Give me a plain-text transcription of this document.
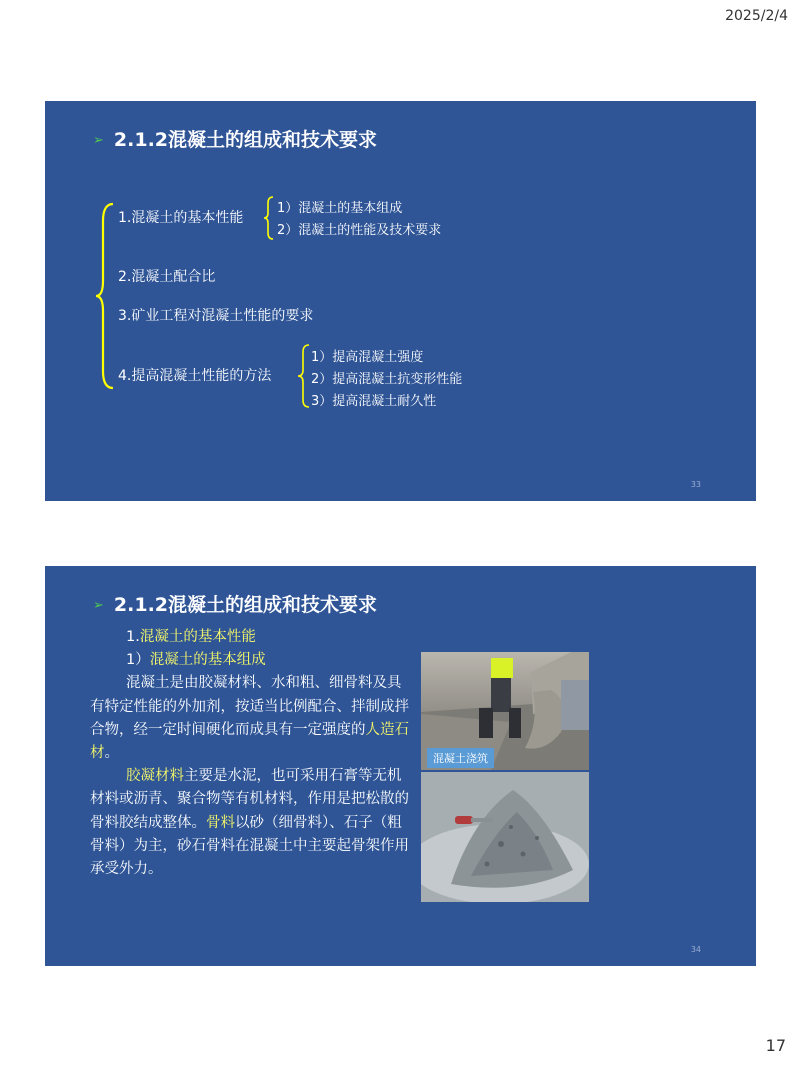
2025/2/4
➢ 2.1.2混凝土的组成和技术要求
1.混凝土的基本性能
1）混凝土的基本组成
2）混凝土的性能及技术要求
2.混凝土配合比
3.矿业工程对混凝土性能的要求
4.提高混凝土性能的方法
1）提高混凝土强度
2）提高混凝土抗变形性能
3）提高混凝土耐久性
33
➢ 2.1.2混凝土的组成和技术要求

1.混凝土的基本性能

1）混凝土的基本组成

混凝土是由胶凝材料、水和粗、细骨料及具有特定性能的外加剂，按适当比例配合、拌制成拌合物，经一定时间硬化而成具有一定强度的人造石材。

胶凝材料主要是水泥，也可采用石膏等无机材料或沥青、聚合物等有机材料，作用是把松散的骨料胶结成整体。骨料以砂（细骨料）、石子（粗骨料）为主，砂石骨料在混凝土中主要起骨架作用承受外力。

混凝土浇筑
34
17
